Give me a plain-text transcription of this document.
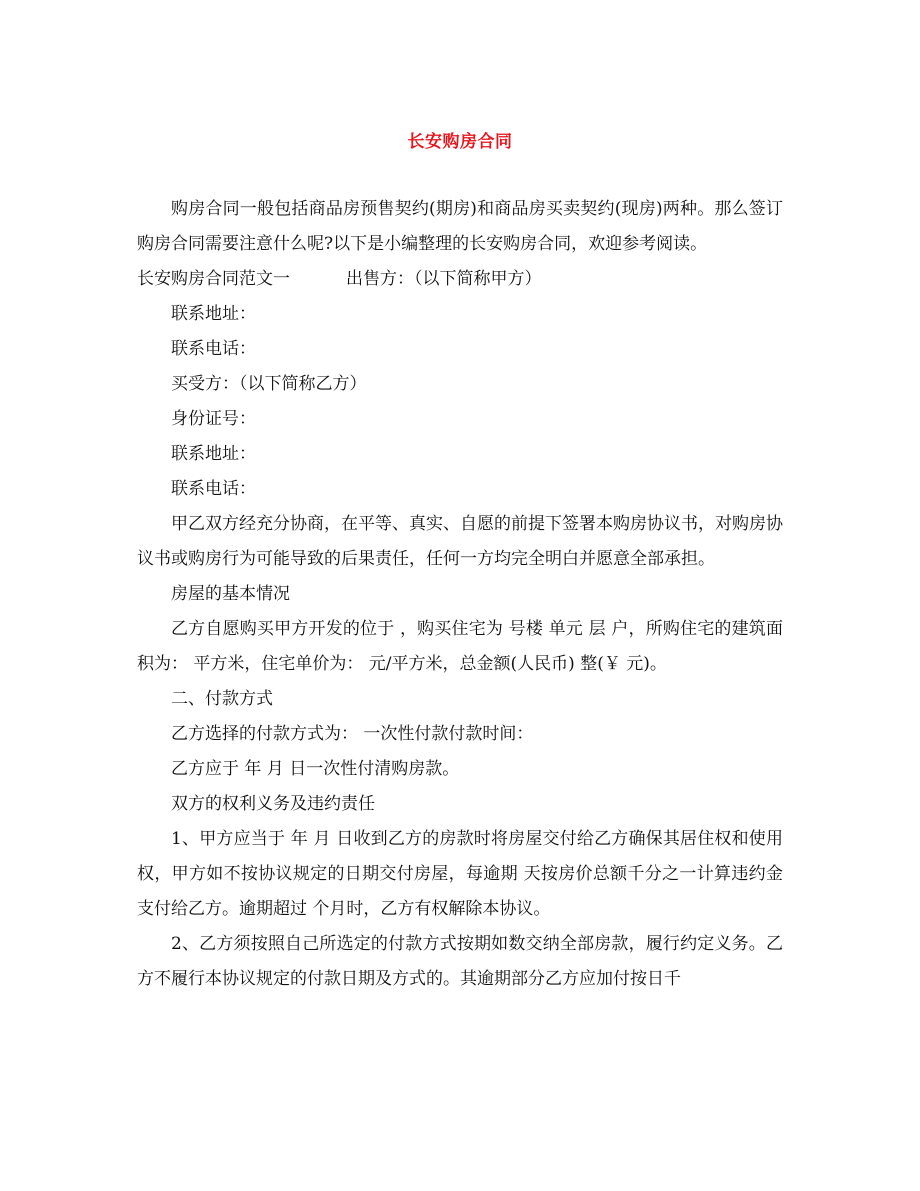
长安购房合同

购房合同一般包括商品房预售契约(期房)和商品房买卖契约(现房)两种。那么签订购房合同需要注意什么呢?以下是小编整理的长安购房合同，欢迎参考阅读。

长安购房合同范文一	出售方：（以下简称甲方）

联系地址：

联系电话：

买受方：（以下简称乙方）

身份证号：

联系地址：

联系电话：

甲乙双方经充分协商，在平等、真实、自愿的前提下签署本购房协议书，对购房协议书或购房行为可能导致的后果责任，任何一方均完全明白并愿意全部承担。

房屋的基本情况

乙方自愿购买甲方开发的位于 ，购买住宅为 号楼 单元 层 户，所购住宅的建筑面积为： 平方米，住宅单价为： 元/平方米，总金额(人民币) 整(￥ 元)。

二、付款方式

乙方选择的付款方式为： 一次性付款付款时间：

乙方应于 年 月 日一次性付清购房款。

双方的权利义务及违约责任

1、甲方应当于 年 月 日收到乙方的房款时将房屋交付给乙方确保其居住权和使用权，甲方如不按协议规定的日期交付房屋，每逾期 天按房价总额千分之一计算违约金支付给乙方。逾期超过 个月时，乙方有权解除本协议。

2、乙方须按照自己所选定的付款方式按期如数交纳全部房款，履行约定义务。乙方不履行本协议规定的付款日期及方式的。其逾期部分乙方应加付按日千
